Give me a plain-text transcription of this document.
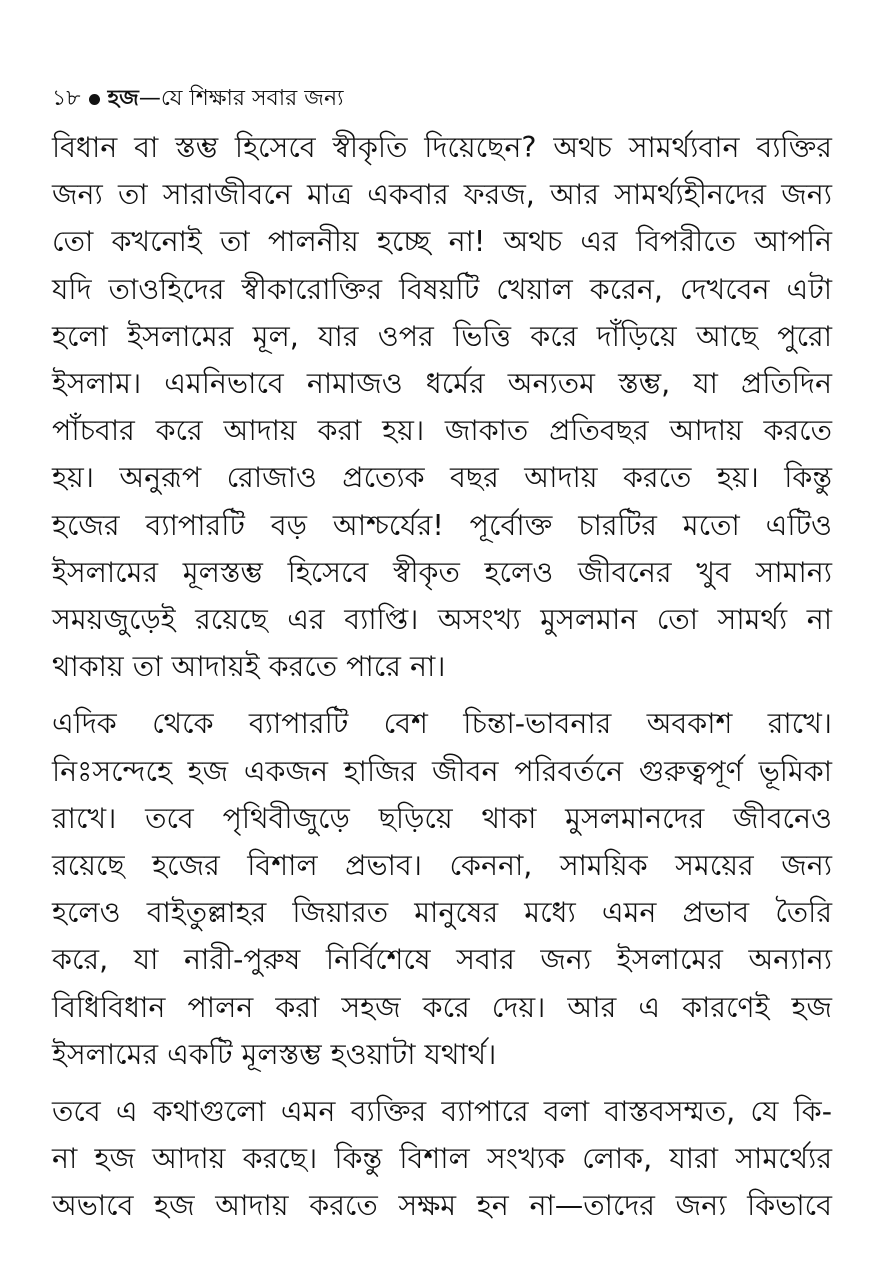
১৮ হজ—যে শিক্ষার সবার জন্য
বিধান বা স্তম্ভ হিসেবে স্বীকৃতি দিয়েছেন? অথচ সামর্থ্যবান ব্যক্তির
জন্য তা সারাজীবনে মাত্র একবার ফরজ, আর সামর্থ্যহীনদের জন্য
তো কখনোই তা পালনীয় হচ্ছে না! অথচ এর বিপরীতে আপনি
যদি তাওহিদের স্বীকারোক্তির বিষয়টি খেয়াল করেন, দেখবেন এটা
হলো ইসলামের মূল, যার ওপর ভিত্তি করে দাঁড়িয়ে আছে পুরো
ইসলাম। এমনিভাবে নামাজও ধর্মের অন্যতম স্তম্ভ, যা প্রতিদিন
পাঁচবার করে আদায় করা হয়। জাকাত প্রতিবছর আদায় করতে
হয়। অনুরূপ রোজাও প্রত্যেক বছর আদায় করতে হয়। কিন্তু
হজের ব্যাপারটি বড় আশ্চর্যের! পূর্বোক্ত চারটির মতো এটিও
ইসলামের মূলস্তম্ভ হিসেবে স্বীকৃত হলেও জীবনের খুব সামান্য
সময়জুড়েই রয়েছে এর ব্যাপ্তি। অসংখ্য মুসলমান তো সামর্থ্য না
থাকায় তা আদায়ই করতে পারে না।
এদিক থেকে ব্যাপারটি বেশ চিন্তা-ভাবনার অবকাশ রাখে।
নিঃসন্দেহে হজ একজন হাজির জীবন পরিবর্তনে গুরুত্বপূর্ণ ভূমিকা
রাখে। তবে পৃথিবীজুড়ে ছড়িয়ে থাকা মুসলমানদের জীবনেও
রয়েছে হজের বিশাল প্রভাব। কেননা, সাময়িক সময়ের জন্য
হলেও বাইতুল্লাহর জিয়ারত মানুষের মধ্যে এমন প্রভাব তৈরি
করে, যা নারী-পুরুষ নির্বিশেষে সবার জন্য ইসলামের অন্যান্য
বিধিবিধান পালন করা সহজ করে দেয়। আর এ কারণেই হজ
ইসলামের একটি মূলস্তম্ভ হওয়াটা যথার্থ।
তবে এ কথাগুলো এমন ব্যক্তির ব্যাপারে বলা বাস্তবসম্মত, যে কি-
না হজ আদায় করছে। কিন্তু বিশাল সংখ্যক লোক, যারা সামর্থ্যের
অভাবে হজ আদায় করতে সক্ষম হন না—তাদের জন্য কিভাবে
